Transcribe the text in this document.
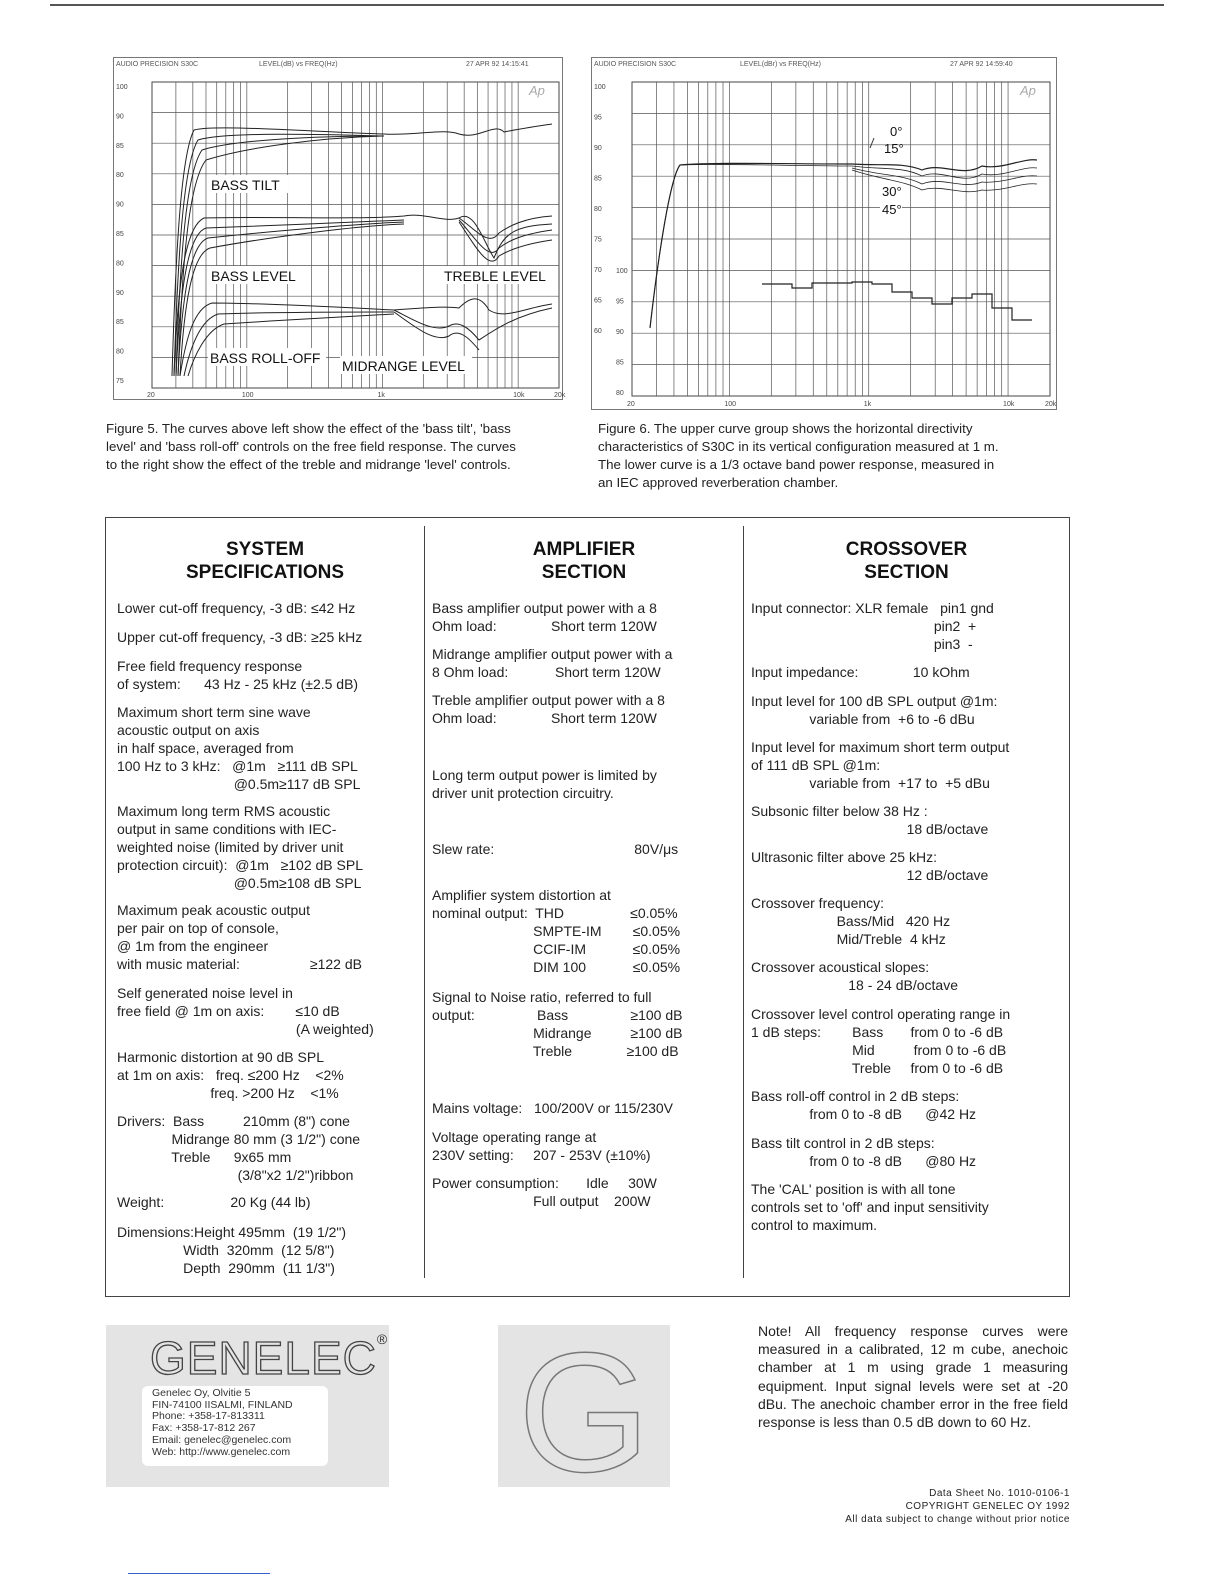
AUDIO PRECISION S30C	LEVEL(dB) vs FREQ(Hz)	27 APR 92 14:15:41
100
90
85
80
90
85
80
90
85
80
75
20	100	1k	10k	20k
BASS TILT
BASS LEVEL	TREBLE LEVEL
BASS ROLL-OFF MIDRANGE LEVEL
Ap
AUDIO PRECISION S30C	LEVEL(dBr) vs FREQ(Hz)	27 APR 92 14:59:40
100
95
90
85
80
75
70
65
60
100
95
90
85
80
20	100	1k	10k	20k
0°
15°
30°
45°
Ap
Figure 5. The curves above left show the effect of the 'bass tilt', 'bass
level' and 'bass roll-off' controls on the free field response. The curves
to the right show the effect of the treble and midrange 'level' controls.
Figure 6. The upper curve group shows the horizontal directivity
characteristics of S30C in its vertical configuration measured at 1 m.
The lower curve is a 1/3 octave band power response, measured in
an IEC approved reverberation chamber.
SYSTEM
SPECIFICATIONS
Lower cut-off frequency, -3 dB: ≤42 Hz
Upper cut-off frequency, -3 dB: ≥25 kHz
Free field frequency response
of system:      43 Hz - 25 kHz (±2.5 dB)
Maximum short term sine wave
acoustic output on axis
in half space, averaged from
100 Hz to 3 kHz:   @1m   ≥111 dB SPL
@0.5m≥117 dB SPL
Maximum long term RMS acoustic
output in same conditions with IEC-
weighted noise (limited by driver unit
protection circuit):  @1m   ≥102 dB SPL
@0.5m≥108 dB SPL
Maximum peak acoustic output
per pair on top of console,
@ 1m from the engineer
with music material:                  ≥122 dB
Self generated noise level in
free field @ 1m on axis:        ≤10 dB
(A weighted)
Harmonic distortion at 90 dB SPL
at 1m on axis:   freq. ≤200 Hz    <2%
freq. >200 Hz    <1%
Drivers:  Bass          210mm (8") cone
Midrange 80 mm (3 1/2") cone
Treble      9x65 mm
(3/8"x2 1/2")ribbon
Weight:                 20 Kg (44 lb)
Dimensions:Height 495mm  (19 1/2")
Width  320mm  (12 5/8")
Depth  290mm  (11 1/3")
AMPLIFIER
SECTION
Bass amplifier output power with a 8
Ohm load:              Short term 120W
Midrange amplifier output power with a
8 Ohm load:            Short term 120W
Treble amplifier output power with a 8
Ohm load:              Short term 120W
Long term output power is limited by
driver unit protection circuitry.
Slew rate:                                    80V/μs
Amplifier system distortion at
nominal output:  THD                 ≤0.05%
SMPTE-IM        ≤0.05%
CCIF-IM            ≤0.05%
DIM 100            ≤0.05%
Signal to Noise ratio, referred to full
output:                Bass                ≥100 dB
Midrange          ≥100 dB
Treble              ≥100 dB
Mains voltage:   100/200V or 115/230V
Voltage operating range at
230V setting:     207 - 253V (±10%)
Power consumption:       Idle     30W
Full output    200W
CROSSOVER
SECTION
Input connector: XLR female   pin1 gnd
pin2  +
pin3  -
Input impedance:              10 kOhm
Input level for 100 dB SPL output @1m:
variable from  +6 to -6 dBu
Input level for maximum short term output
of 111 dB SPL @1m:
variable from  +17 to  +5 dBu
Subsonic filter below 38 Hz :
18 dB/octave
Ultrasonic filter above 25 kHz:
12 dB/octave
Crossover frequency:
Bass/Mid   420 Hz
Mid/Treble  4 kHz
Crossover acoustical slopes:
18 - 24 dB/octave
Crossover level control operating range in
1 dB steps:        Bass       from 0 to -6 dB
Mid          from 0 to -6 dB
Treble     from 0 to -6 dB
Bass roll-off control in 2 dB steps:
from 0 to -8 dB      @42 Hz
Bass tilt control in 2 dB steps:
from 0 to -8 dB      @80 Hz
The 'CAL' position is with all tone
controls set to 'off' and input sensitivity
control to maximum.
GENELEC®
Genelec Oy, Olvitie 5
FIN-74100 IISALMI, FINLAND
Phone: +358-17-813311
Fax: +358-17-812 267
Email: genelec@genelec.com
Web: http://www.genelec.com G	Note! All frequency response curves were measured in a calibrated, 12 m cube, anechoic chamber at 1 m using grade 1 measuring equipment. Input signal levels were set at -20 dBu. The anechoic chamber error in the free field response is less than 0.5 dB down to 60 Hz.
Data Sheet No. 1010-0106-1
COPYRIGHT GENELEC OY 1992
All data subject to change without prior notice
